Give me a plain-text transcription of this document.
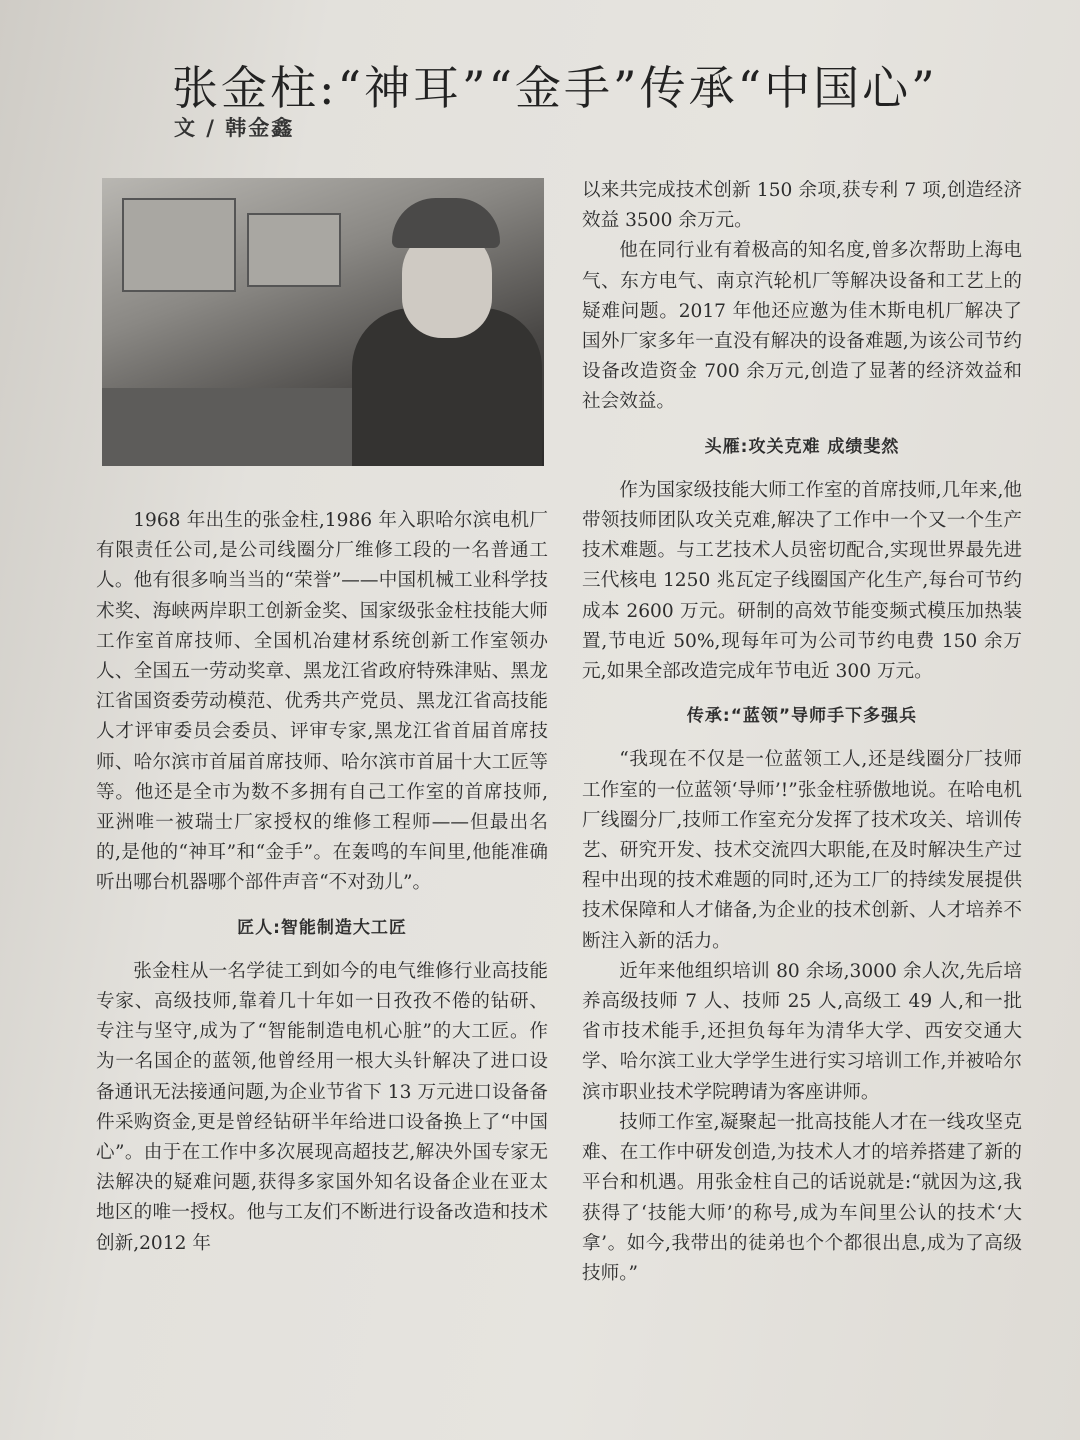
张金柱:“神耳”“金手”传承“中国心”
文 / 韩金鑫

1968 年出生的张金柱,1986 年入职哈尔滨电机厂有限责任公司,是公司线圈分厂维修工段的一名普通工人。他有很多响当当的“荣誉”——中国机械工业科学技术奖、海峡两岸职工创新金奖、国家级张金柱技能大师工作室首席技师、全国机冶建材系统创新工作室领办人、全国五一劳动奖章、黑龙江省政府特殊津贴、黑龙江省国资委劳动模范、优秀共产党员、黑龙江省高技能人才评审委员会委员、评审专家,黑龙江省首届首席技师、哈尔滨市首届首席技师、哈尔滨市首届十大工匠等等。他还是全市为数不多拥有自己工作室的首席技师,亚洲唯一被瑞士厂家授权的维修工程师——但最出名的,是他的“神耳”和“金手”。在轰鸣的车间里,他能准确听出哪台机器哪个部件声音“不对劲儿”。

匠人:智能制造大工匠

张金柱从一名学徒工到如今的电气维修行业高技能专家、高级技师,靠着几十年如一日孜孜不倦的钻研、专注与坚守,成为了“智能制造电机心脏”的大工匠。作为一名国企的蓝领,他曾经用一根大头针解决了进口设备通讯无法接通问题,为企业节省下 13 万元进口设备备件采购资金,更是曾经钻研半年给进口设备换上了“中国心”。由于在工作中多次展现高超技艺,解决外国专家无法解决的疑难问题,获得多家国外知名设备企业在亚太地区的唯一授权。他与工友们不断进行设备改造和技术创新,2012 年

以来共完成技术创新 150 余项,获专利 7 项,创造经济效益 3500 余万元。

他在同行业有着极高的知名度,曾多次帮助上海电气、东方电气、南京汽轮机厂等解决设备和工艺上的疑难问题。2017 年他还应邀为佳木斯电机厂解决了国外厂家多年一直没有解决的设备难题,为该公司节约设备改造资金 700 余万元,创造了显著的经济效益和社会效益。

头雁:攻关克难 成绩斐然

作为国家级技能大师工作室的首席技师,几年来,他带领技师团队攻关克难,解决了工作中一个又一个生产技术难题。与工艺技术人员密切配合,实现世界最先进三代核电 1250 兆瓦定子线圈国产化生产,每台可节约成本 2600 万元。研制的高效节能变频式模压加热装置,节电近 50%,现每年可为公司节约电费 150 余万元,如果全部改造完成年节电近 300 万元。

传承:“蓝领”导师手下多强兵

“我现在不仅是一位蓝领工人,还是线圈分厂技师工作室的一位蓝领‘导师’!”张金柱骄傲地说。在哈电机厂线圈分厂,技师工作室充分发挥了技术攻关、培训传艺、研究开发、技术交流四大职能,在及时解决生产过程中出现的技术难题的同时,还为工厂的持续发展提供技术保障和人才储备,为企业的技术创新、人才培养不断注入新的活力。

近年来他组织培训 80 余场,3000 余人次,先后培养高级技师 7 人、技师 25 人,高级工 49 人,和一批省市技术能手,还担负每年为清华大学、西安交通大学、哈尔滨工业大学学生进行实习培训工作,并被哈尔滨市职业技术学院聘请为客座讲师。

技师工作室,凝聚起一批高技能人才在一线攻坚克难、在工作中研发创造,为技术人才的培养搭建了新的平台和机遇。用张金柱自己的话说就是:“就因为这,我获得了‘技能大师’的称号,成为车间里公认的技术‘大拿’。如今,我带出的徒弟也个个都很出息,成为了高级技师。”
